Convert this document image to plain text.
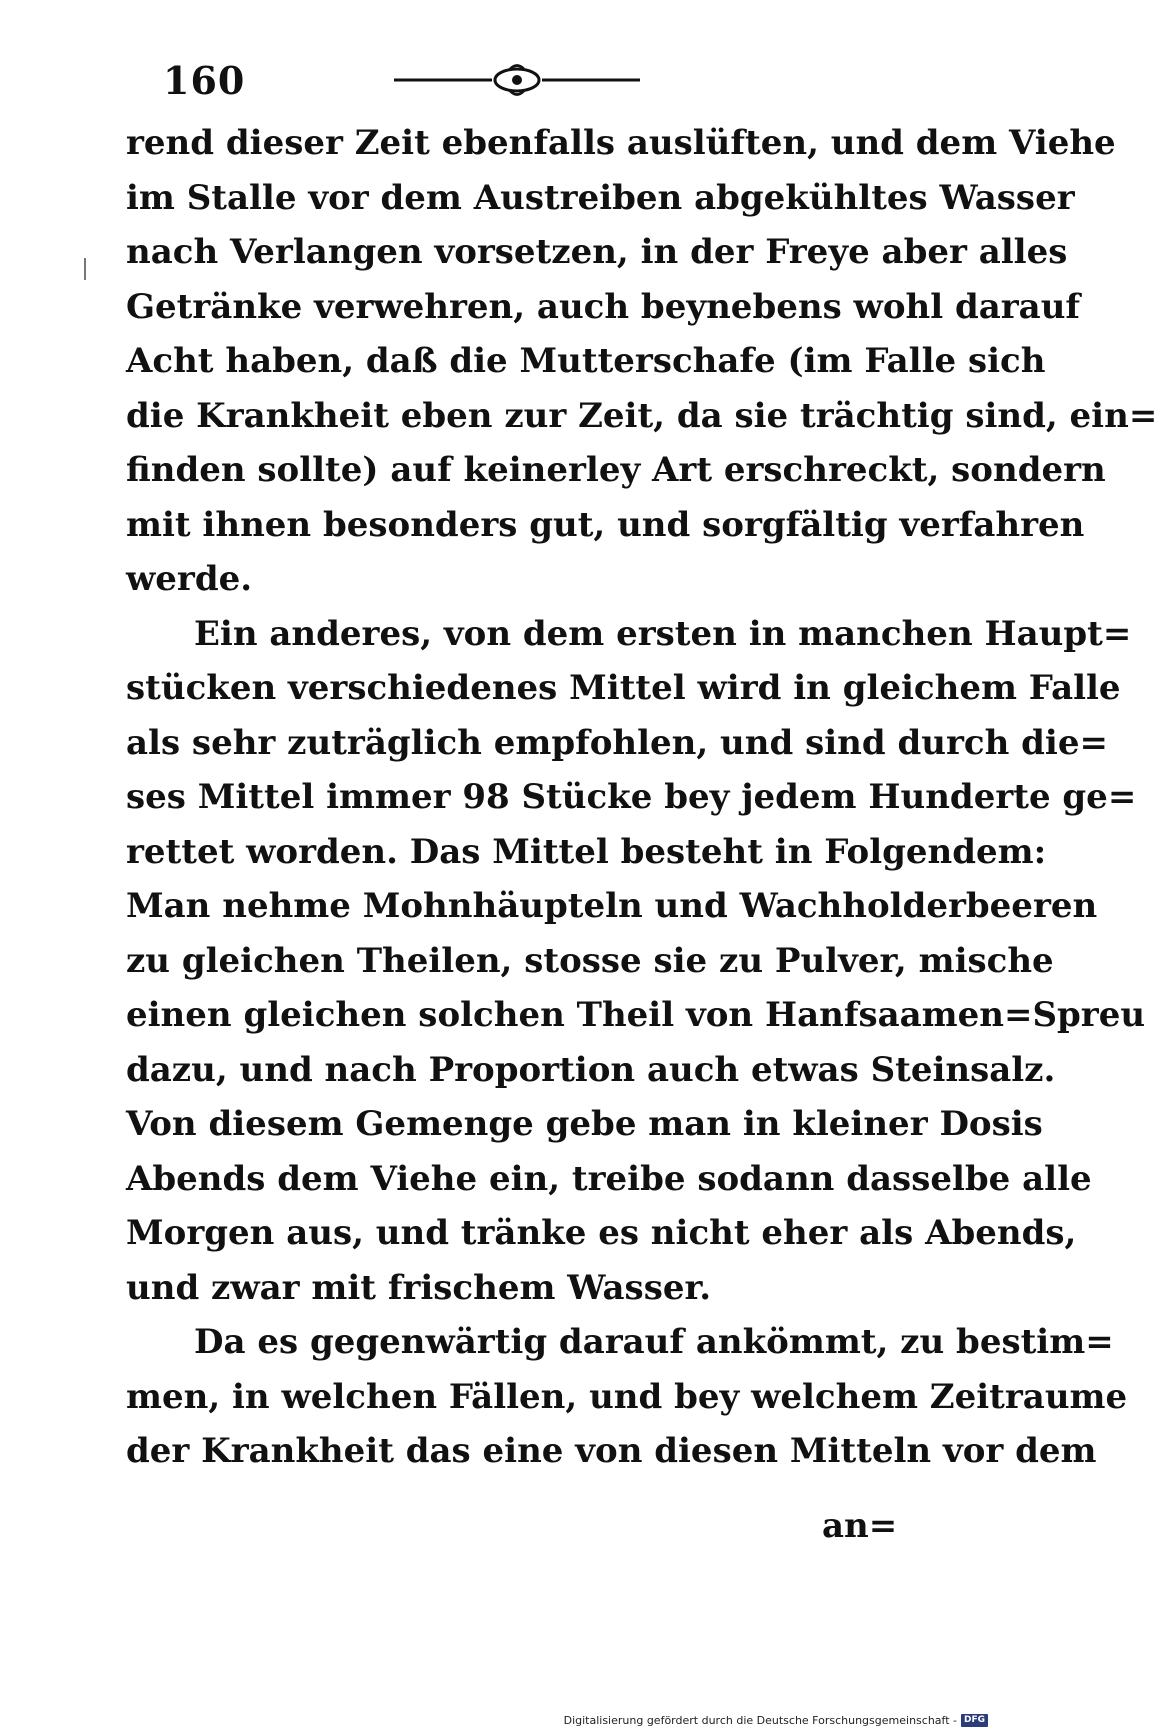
160
rend dieser Zeit ebenfalls auslüften, und dem Viehe
im Stalle vor dem Austreiben abgekühltes Wasser
nach Verlangen vorsetzen, in der Freye aber alles
Getränke verwehren, auch beynebens wohl darauf
Acht haben, daß die Mutterschafe (im Falle sich
die Krankheit eben zur Zeit, da sie trächtig sind, ein=
finden sollte) auf keinerley Art erschreckt, sondern
mit ihnen besonders gut, und sorgfältig verfahren
werde.
Ein anderes, von dem ersten in manchen Haupt=
stücken verschiedenes Mittel wird in gleichem Falle
als sehr zuträglich empfohlen, und sind durch die=
ses Mittel immer 98 Stücke bey jedem Hunderte ge=
rettet worden. Das Mittel besteht in Folgendem:
Man nehme Mohnhäupteln und Wachholderbeeren
zu gleichen Theilen, stosse sie zu Pulver, mische
einen gleichen solchen Theil von Hanfsaamen=Spreu
dazu, und nach Proportion auch etwas Steinsalz.
Von diesem Gemenge gebe man in kleiner Dosis
Abends dem Viehe ein, treibe sodann dasselbe alle
Morgen aus, und tränke es nicht eher als Abends,
und zwar mit frischem Wasser.
Da es gegenwärtig darauf ankömmt, zu bestim=
men, in welchen Fällen, und bey welchem Zeitraume
der Krankheit das eine von diesen Mitteln vor dem
an=
Digitalisierung gefördert durch die Deutsche Forschungsgemeinschaft - DFG
